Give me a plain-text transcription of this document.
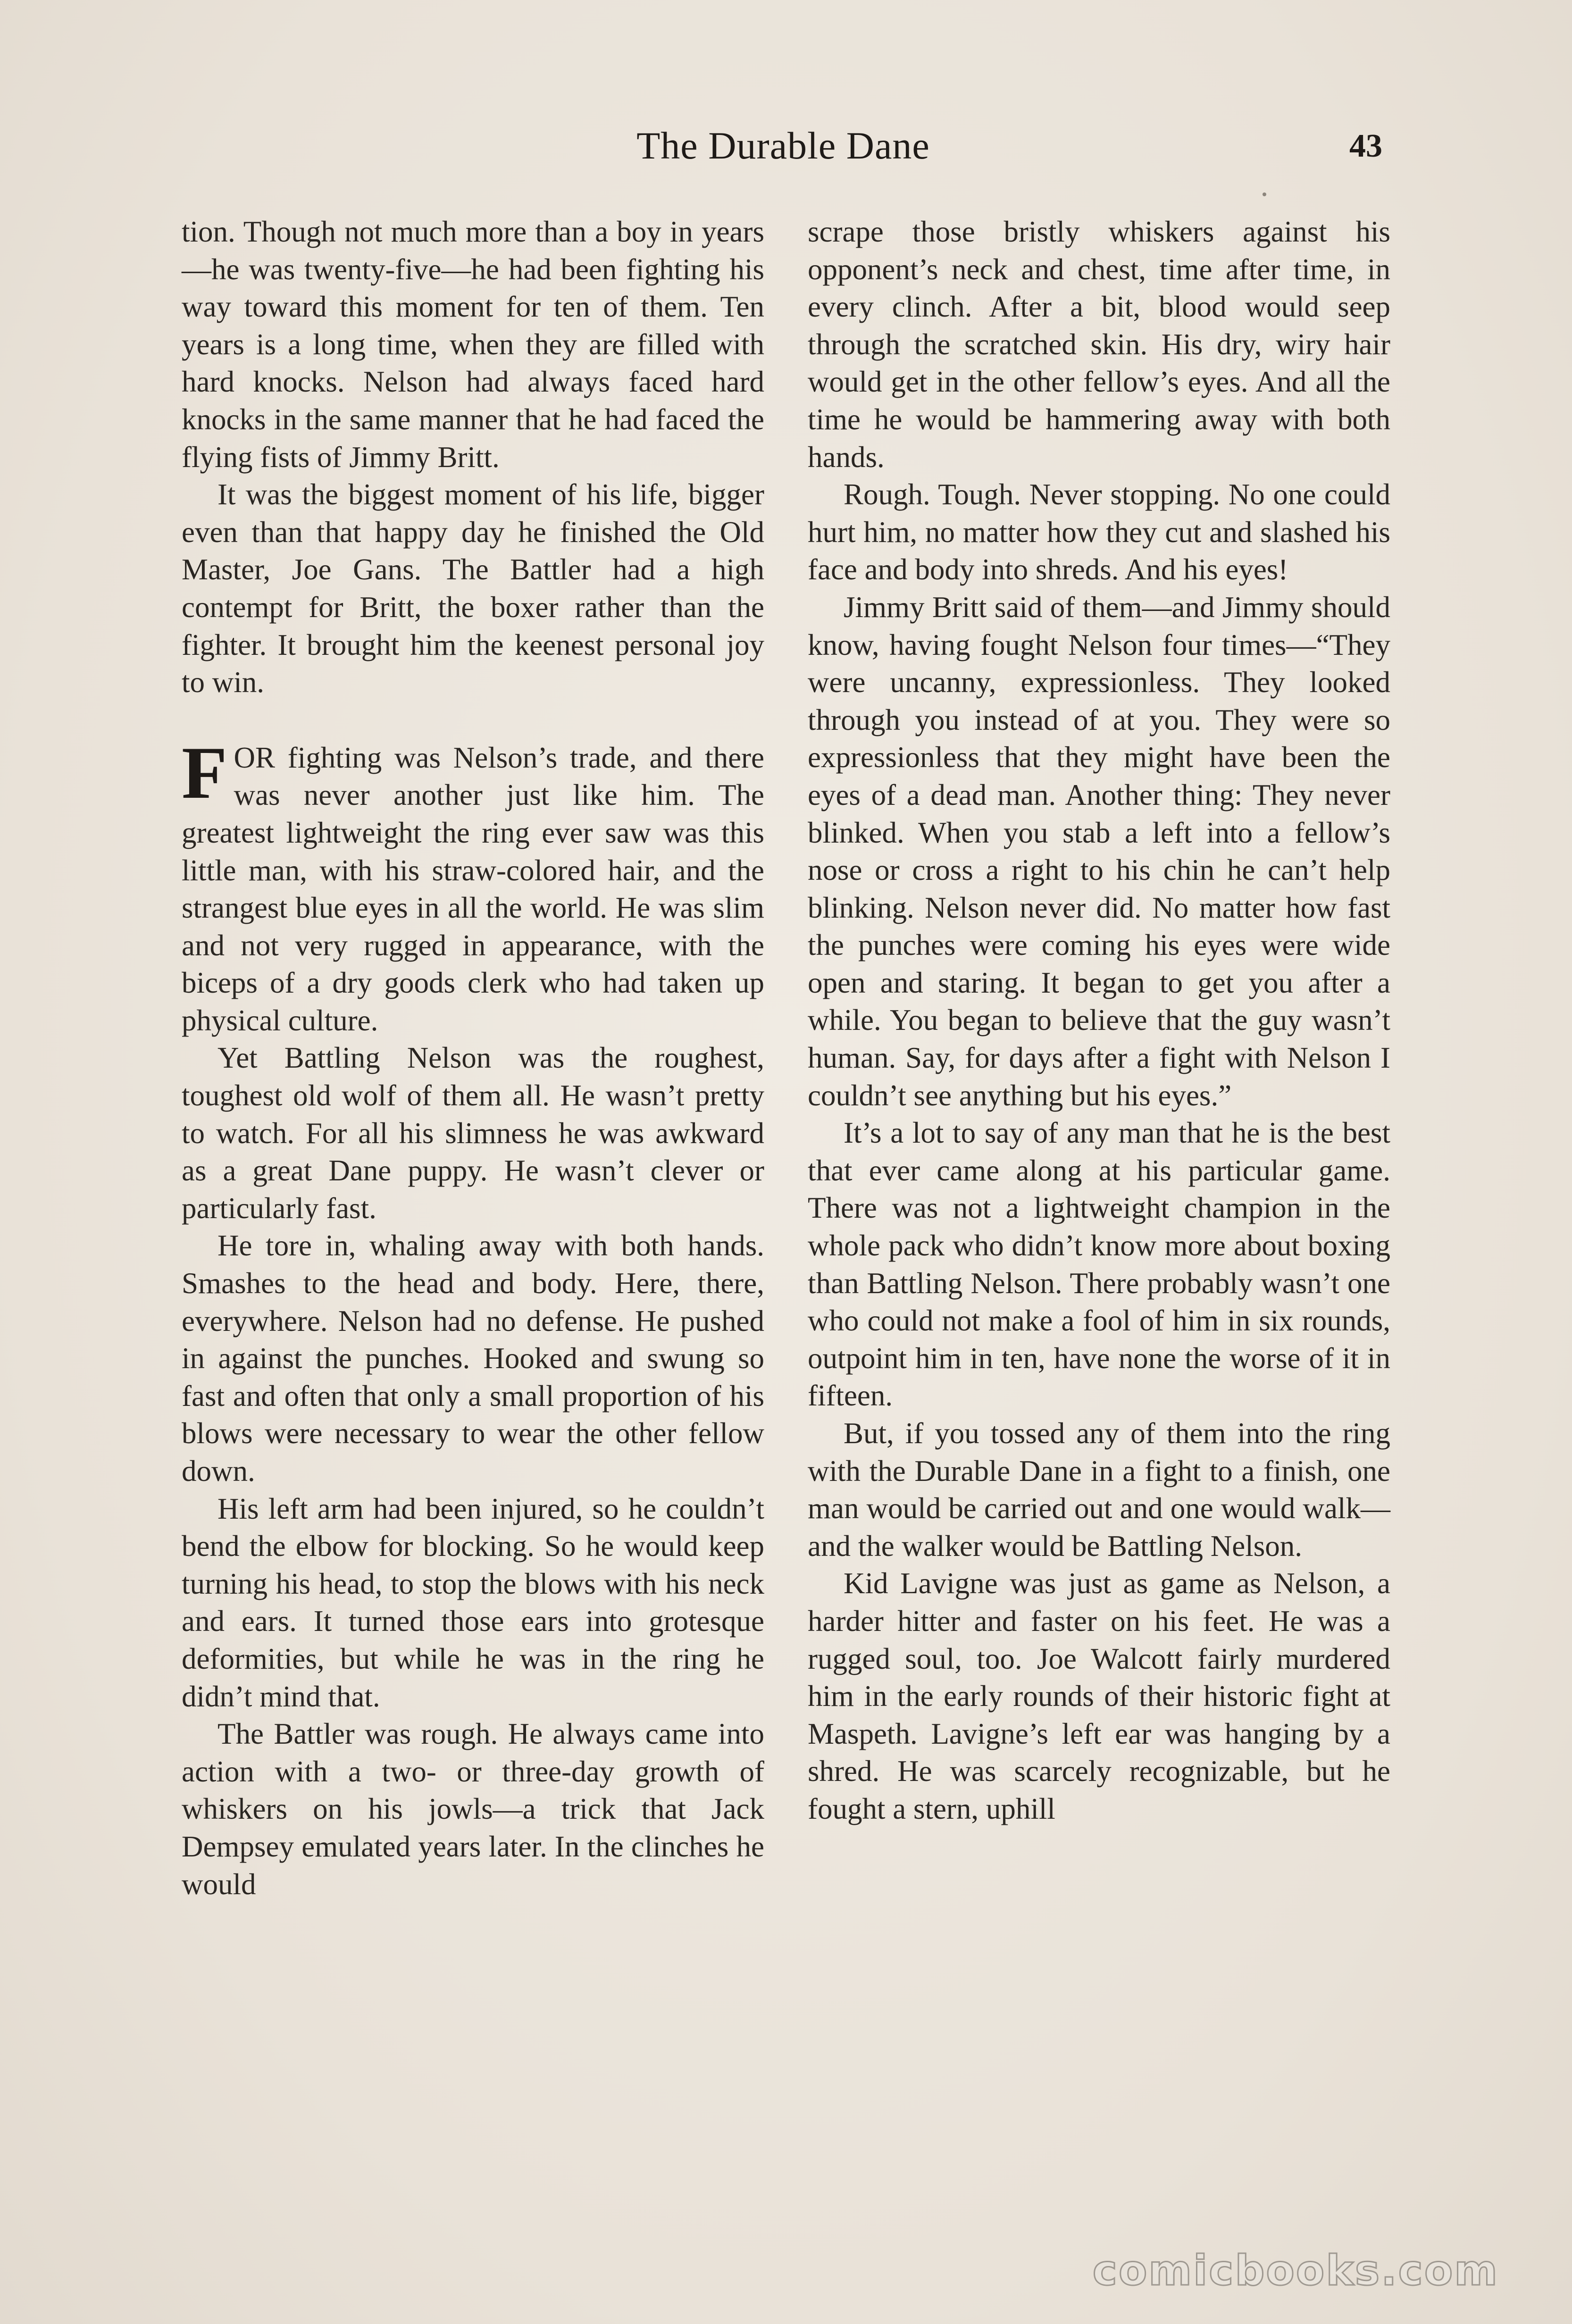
The Durable Dane	43

tion. Though not much more than a boy in years—he was twenty-five—he had been fighting his way toward this moment for ten of them. Ten years is a long time, when they are filled with hard knocks. Nelson had always faced hard knocks in the same manner that he had faced the flying fists of Jimmy Britt.

It was the biggest moment of his life, bigger even than that happy day he finished the Old Master, Joe Gans. The Battler had a high contempt for Britt, the boxer rather than the fighter. It brought him the keenest personal joy to win.

FOR fighting was Nelson’s trade, and there was never another just like him. The greatest lightweight the ring ever saw was this little man, with his straw-colored hair, and the strangest blue eyes in all the world. He was slim and not very rugged in appearance, with the biceps of a dry goods clerk who had taken up physical culture.

Yet Battling Nelson was the roughest, toughest old wolf of them all. He wasn’t pretty to watch. For all his slimness he was awkward as a great Dane puppy. He wasn’t clever or particularly fast.

He tore in, whaling away with both hands. Smashes to the head and body. Here, there, everywhere. Nelson had no defense. He pushed in against the punches. Hooked and swung so fast and often that only a small proportion of his blows were necessary to wear the other fellow down.

His left arm had been injured, so he couldn’t bend the elbow for blocking. So he would keep turning his head, to stop the blows with his neck and ears. It turned those ears into grotesque deformities, but while he was in the ring he didn’t mind that.

The Battler was rough. He always came into action with a two- or three-day growth of whiskers on his jowls—a trick that Jack Dempsey emulated years later. In the clinches he would

scrape those bristly whiskers against his opponent’s neck and chest, time after time, in every clinch. After a bit, blood would seep through the scratched skin. His dry, wiry hair would get in the other fellow’s eyes. And all the time he would be hammering away with both hands.

Rough. Tough. Never stopping. No one could hurt him, no matter how they cut and slashed his face and body into shreds. And his eyes!

Jimmy Britt said of them—and Jimmy should know, having fought Nelson four times—“They were uncanny, expressionless. They looked through you instead of at you. They were so expressionless that they might have been the eyes of a dead man. Another thing: They never blinked. When you stab a left into a fellow’s nose or cross a right to his chin he can’t help blinking. Nelson never did. No matter how fast the punches were coming his eyes were wide open and staring. It began to get you after a while. You began to believe that the guy wasn’t human. Say, for days after a fight with Nelson I couldn’t see anything but his eyes.”

It’s a lot to say of any man that he is the best that ever came along at his particular game. There was not a lightweight champion in the whole pack who didn’t know more about boxing than Battling Nelson. There probably wasn’t one who could not make a fool of him in six rounds, outpoint him in ten, have none the worse of it in fifteen.

But, if you tossed any of them into the ring with the Durable Dane in a fight to a finish, one man would be carried out and one would walk—and the walker would be Battling Nelson.

Kid Lavigne was just as game as Nelson, a harder hitter and faster on his feet. He was a rugged soul, too. Joe Walcott fairly murdered him in the early rounds of their historic fight at Maspeth. Lavigne’s left ear was hanging by a shred. He was scarcely recognizable, but he fought a stern, uphill

comicbooks.com
